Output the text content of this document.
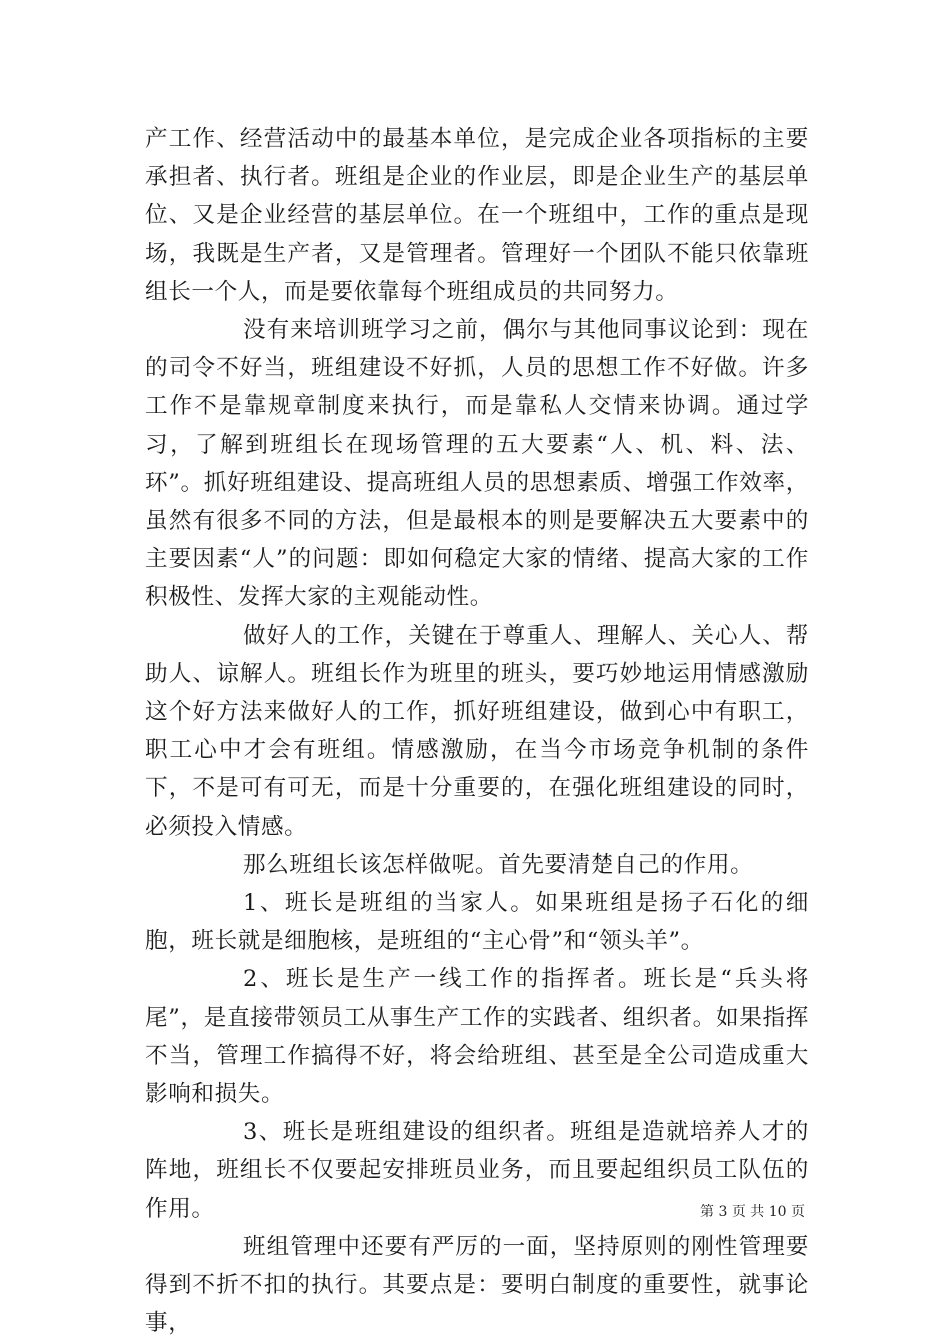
产工作、经营活动中的最基本单位，是完成企业各项指标的主要承担者、执行者。班组是企业的作业层，即是企业生产的基层单位、又是企业经营的基层单位。在一个班组中，工作的重点是现场，我既是生产者，又是管理者。管理好一个团队不能只依靠班组长一个人，而是要依靠每个班组成员的共同努力。

没有来培训班学习之前，偶尔与其他同事议论到：现在的司令不好当，班组建设不好抓，人员的思想工作不好做。许多工作不是靠规章制度来执行，而是靠私人交情来协调。通过学习，了解到班组长在现场管理的五大要素“人、机、料、法、环”。抓好班组建设、提高班组人员的思想素质、增强工作效率，虽然有很多不同的方法，但是最根本的则是要解决五大要素中的主要因素“人”的问题：即如何稳定大家的情绪、提高大家的工作积极性、发挥大家的主观能动性。

做好人的工作，关键在于尊重人、理解人、关心人、帮助人、谅解人。班组长作为班里的班头，要巧妙地运用情感激励这个好方法来做好人的工作，抓好班组建设，做到心中有职工，职工心中才会有班组。情感激励，在当今市场竞争机制的条件下，不是可有可无，而是十分重要的，在强化班组建设的同时，必须投入情感。

那么班组长该怎样做呢。首先要清楚自己的作用。

1、班长是班组的当家人。如果班组是扬子石化的细胞，班长就是细胞核，是班组的“主心骨”和“领头羊”。

2、班长是生产一线工作的指挥者。班长是“兵头将尾”，是直接带领员工从事生产工作的实践者、组织者。如果指挥不当，管理工作搞得不好，将会给班组、甚至是全公司造成重大影响和损失。

3、班长是班组建设的组织者。班组是造就培养人才的阵地，班组长不仅要起安排班员业务，而且要起组织员工队伍的作用。

班组管理中还要有严厉的一面，坚持原则的刚性管理要得到不折不扣的执行。其要点是：要明白制度的重要性，就事论事，

第 3 页 共 10 页
